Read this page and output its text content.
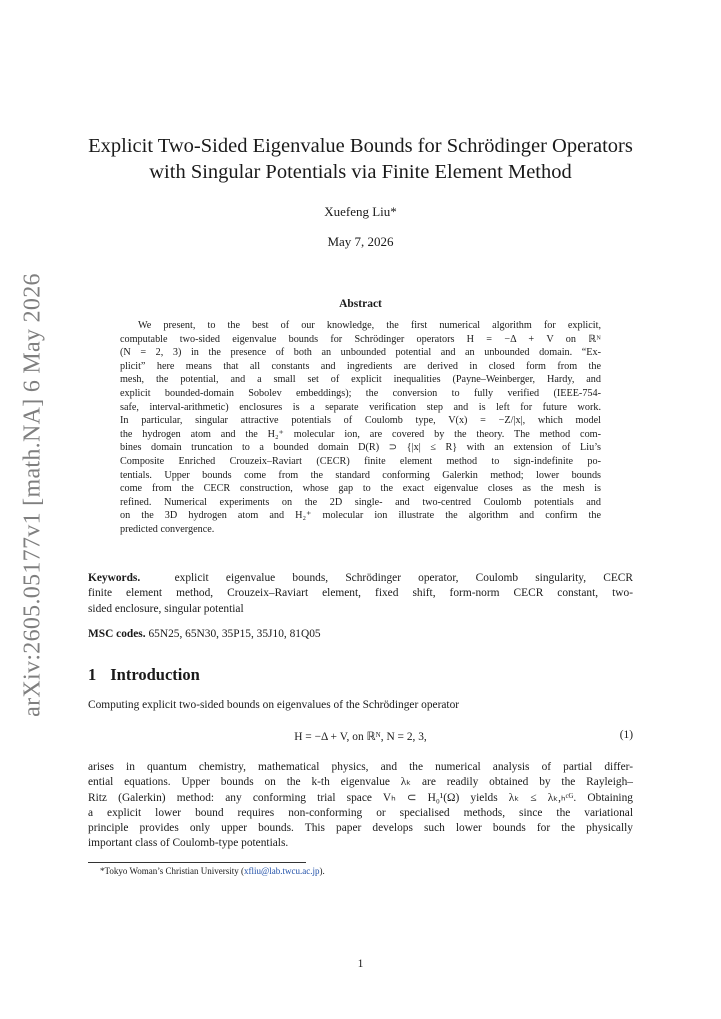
arXiv:2605.05177v1 [math.NA] 6 May 2026
Explicit Two-Sided Eigenvalue Bounds for Schrödinger Operators
with Singular Potentials via Finite Element Method
Xuefeng Liu*
May 7, 2026
Abstract
We present, to the best of our knowledge, the first numerical algorithm for explicit,
computable two-sided eigenvalue bounds for Schrödinger operators H = −Δ + V on ℝᴺ
(N = 2, 3) in the presence of both an unbounded potential and an unbounded domain. “Ex-
plicit” here means that all constants and ingredients are derived in closed form from the
mesh, the potential, and a small set of explicit inequalities (Payne–Weinberger, Hardy, and
explicit bounded-domain Sobolev embeddings); the conversion to fully verified (IEEE-754-
safe, interval-arithmetic) enclosures is a separate verification step and is left for future work.
In particular, singular attractive potentials of Coulomb type, V(x) = −Z/|x|, which model
the hydrogen atom and the H₂⁺ molecular ion, are covered by the theory. The method com-
bines domain truncation to a bounded domain D(R) ⊃ {|x| ≤ R} with an extension of Liu’s
Composite Enriched Crouzeix–Raviart (CECR) finite element method to sign-indefinite po-
tentials. Upper bounds come from the standard conforming Galerkin method; lower bounds
come from the CECR construction, whose gap to the exact eigenvalue closes as the mesh is
refined. Numerical experiments on the 2D single- and two-centred Coulomb potentials and
on the 3D hydrogen atom and H₂⁺ molecular ion illustrate the algorithm and confirm the
predicted convergence.
Keywords.	explicit eigenvalue bounds, Schrödinger operator, Coulomb singularity, CECR
finite element method, Crouzeix–Raviart element, fixed shift, form-norm CECR constant, two-
sided enclosure, singular potential
MSC codes. 65N25, 65N30, 35P15, 35J10, 81Q05
1 Introduction
Computing explicit two-sided bounds on eigenvalues of the Schrödinger operator
H = −Δ + V, on ℝᴺ, N = 2, 3,	(1)
arises in quantum chemistry, mathematical physics, and the numerical analysis of partial differ-
ential equations. Upper bounds on the k-th eigenvalue λₖ are readily obtained by the Rayleigh–
Ritz (Galerkin) method: any conforming trial space Vₕ ⊂ H₀¹(Ω) yields λₖ ≤ λₖ,ₕᶜᴳ. Obtaining
a explicit lower bound requires non-conforming or specialised methods, since the variational
principle provides only upper bounds. This paper develops such lower bounds for the physically
important class of Coulomb-type potentials.
*Tokyo Woman’s Christian University (xfliu@lab.twcu.ac.jp).
1
